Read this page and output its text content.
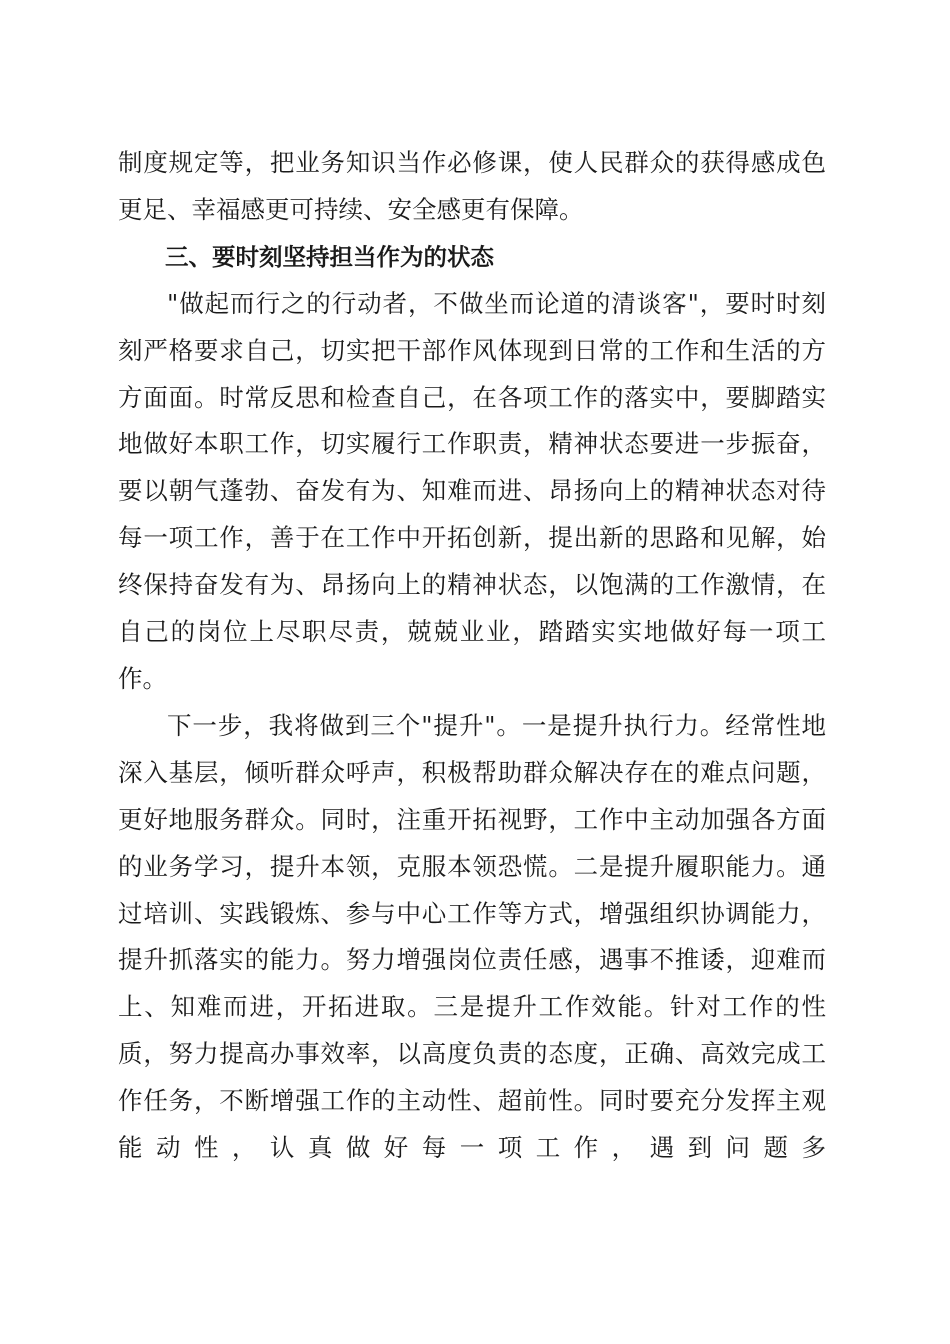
制度规定等，把业务知识当作必修课，使人民群众的获得感成色更足、幸福感更可持续、安全感更有保障。

三、要时刻坚持担当作为的状态

"做起而行之的行动者，不做坐而论道的清谈客"，要时时刻刻严格要求自己，切实把干部作风体现到日常的工作和生活的方方面面。时常反思和检查自己，在各项工作的落实中，要脚踏实地做好本职工作，切实履行工作职责，精神状态要进一步振奋，要以朝气蓬勃、奋发有为、知难而进、昂扬向上的精神状态对待每一项工作，善于在工作中开拓创新，提出新的思路和见解，始终保持奋发有为、昂扬向上的精神状态，以饱满的工作激情，在自己的岗位上尽职尽责，兢兢业业，踏踏实实地做好每一项工作。

下一步，我将做到三个"提升"。一是提升执行力。经常性地深入基层，倾听群众呼声，积极帮助群众解决存在的难点问题，更好地服务群众。同时，注重开拓视野，工作中主动加强各方面的业务学习，提升本领，克服本领恐慌。二是提升履职能力。通过培训、实践锻炼、参与中心工作等方式，增强组织协调能力，提升抓落实的能力。努力增强岗位责任感，遇事不推诿，迎难而上、知难而进，开拓进取。三是提升工作效能。针对工作的性质，努力提高办事效率，以高度负责的态度，正确、高效完成工作任务，不断增强工作的主动性、超前性。同时要充分发挥主观能动性，认真做好每一项工作，遇到问题多
